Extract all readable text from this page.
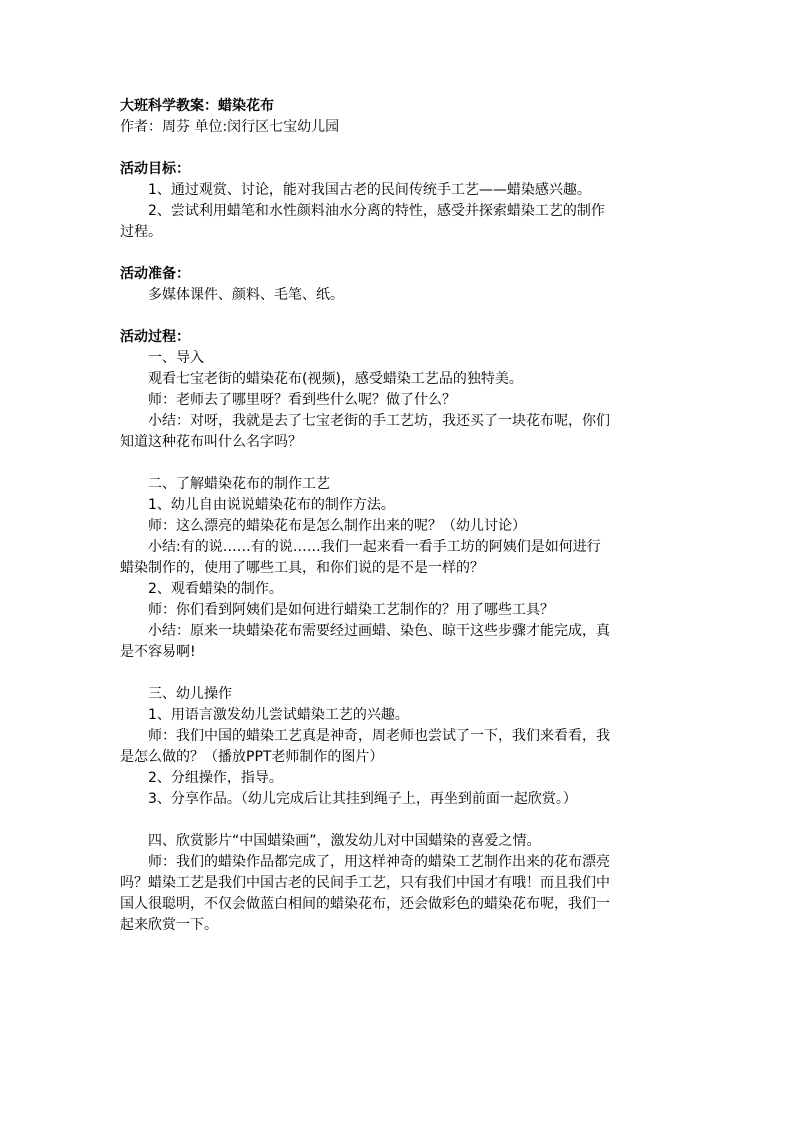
大班科学教案：蜡染花布
作者：周芬 单位:闵行区七宝幼儿园
活动目标：
1、通过观赏、讨论，能对我国古老的民间传统手工艺——蜡染感兴趣。
2、尝试利用蜡笔和水性颜料油水分离的特性，感受并探索蜡染工艺的制作
过程。
活动准备：
多媒体课件、颜料、毛笔、纸。
活动过程：
一、导入
观看七宝老街的蜡染花布(视频)，感受蜡染工艺品的独特美。
师：老师去了哪里呀？看到些什么呢？做了什么？
小结：对呀，我就是去了七宝老街的手工艺坊，我还买了一块花布呢，你们
知道这种花布叫什么名字吗？
二、了解蜡染花布的制作工艺
1、幼儿自由说说蜡染花布的制作方法。
师：这么漂亮的蜡染花布是怎么制作出来的呢？（幼儿讨论）
小结:有的说……有的说……我们一起来看一看手工坊的阿姨们是如何进行
蜡染制作的，使用了哪些工具，和你们说的是不是一样的？
2、观看蜡染的制作。
师：你们看到阿姨们是如何进行蜡染工艺制作的？用了哪些工具？
小结：原来一块蜡染花布需要经过画蜡、染色、晾干这些步骤才能完成，真
是不容易啊!
三、幼儿操作
1、用语言激发幼儿尝试蜡染工艺的兴趣。
师：我们中国的蜡染工艺真是神奇，周老师也尝试了一下，我们来看看，我
是怎么做的？（播放PPT老师制作的图片）
2、分组操作，指导。
3、分享作品。（幼儿完成后让其挂到绳子上，再坐到前面一起欣赏。）
四、欣赏影片“中国蜡染画”，激发幼儿对中国蜡染的喜爱之情。
师：我们的蜡染作品都完成了，用这样神奇的蜡染工艺制作出来的花布漂亮
吗？蜡染工艺是我们中国古老的民间手工艺，只有我们中国才有哦！而且我们中
国人很聪明，不仅会做蓝白相间的蜡染花布，还会做彩色的蜡染花布呢，我们一
起来欣赏一下。
